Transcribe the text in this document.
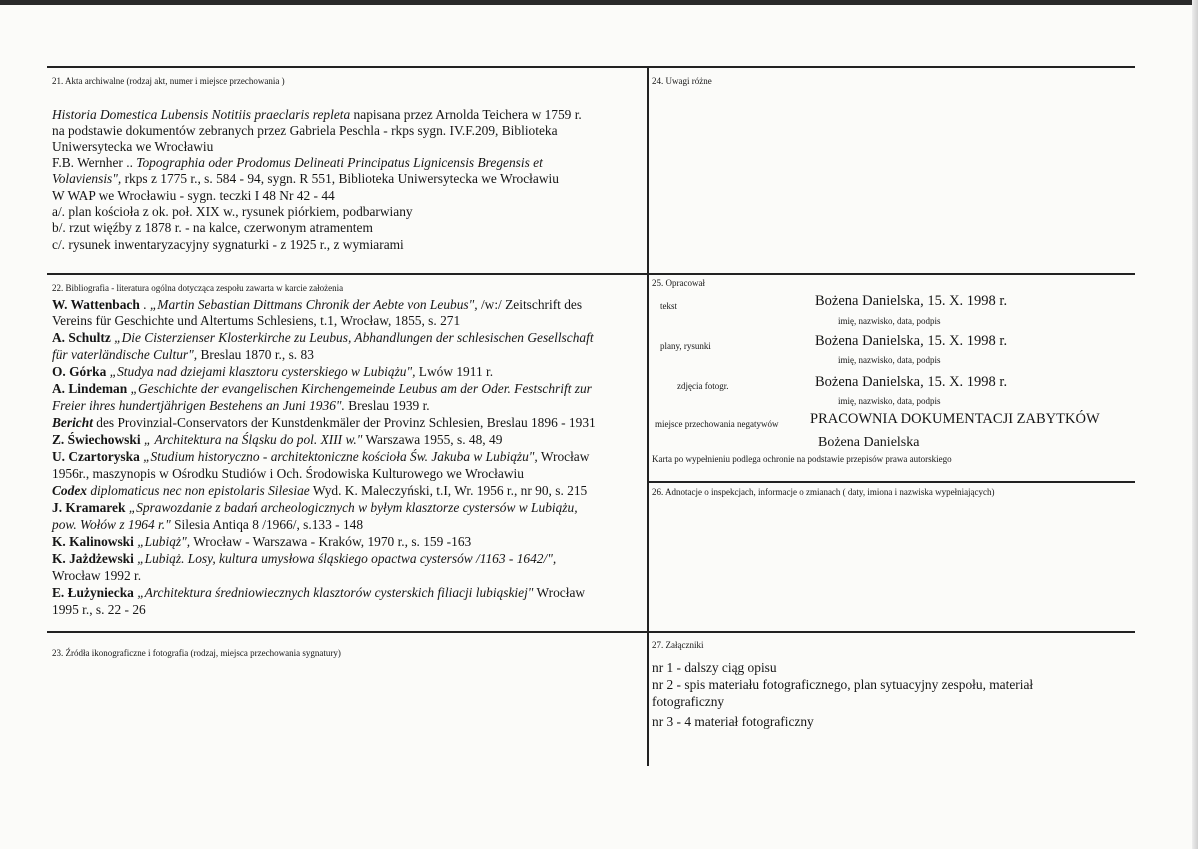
21. Akta archiwalne (rodzaj akt, numer i miejsce przechowania )
Historia Domestica Lubensis Notitiis praeclaris repleta napisana przez Arnolda Teichera w 1759 r.
na podstawie dokumentów zebranych przez Gabriela Peschla - rkps sygn. IV.F.209, Biblioteka
Uniwersytecka we Wrocławiu
F.B. Wernher .. Topographia oder Prodomus Delineati Principatus Lignicensis Bregensis et
Volaviensis", rkps z 1775 r., s. 584 - 94, sygn. R 551, Biblioteka Uniwersytecka we Wrocławiu
W WAP we Wrocławiu - sygn. teczki I 48 Nr 42 - 44
a/. plan kościoła z ok. poł. XIX w., rysunek piórkiem, podbarwiany
b/. rzut więźby z 1878 r. - na kalce, czerwonym atramentem
c/. rysunek inwentaryzacyjny sygnaturki - z 1925 r., z wymiarami
24. Uwagi różne
22. Bibliografia - literatura ogólna dotycząca zespołu zawarta w karcie założenia
W. Wattenbach . „Martin Sebastian Dittmans Chronik der Aebte von Leubus", /w:/ Zeitschrift des
Vereins für Geschichte und Altertums Schlesiens, t.1, Wrocław, 1855, s. 271
A. Schultz „Die Cisterzienser Klosterkirche zu Leubus, Abhandlungen der schlesischen Gesellschaft
für vaterländische Cultur", Breslau 1870 r., s. 83
O. Górka „Studya nad dziejami klasztoru cysterskiego w Lubiążu", Lwów 1911 r.
A. Lindeman „Geschichte der evangelischen Kirchengemeinde Leubus am der Oder. Festschrift zur
Freier ihres hundertjährigen Bestehens an Juni 1936". Breslau 1939 r.
Bericht des Provinzial-Conservators der Kunstdenkmäler der Provinz Schlesien, Breslau 1896 - 1931
Z. Świechowski „ Architektura na Śląsku do pol. XIII w." Warszawa 1955, s. 48, 49
U. Czartoryska „Studium historyczno - architektoniczne kościoła Św. Jakuba w Lubiążu", Wrocław
1956r., maszynopis w Ośrodku Studiów i Och. Środowiska Kulturowego we Wrocławiu
Codex diplomaticus nec non epistolaris Silesiae Wyd. K. Maleczyński, t.I, Wr. 1956 r., nr 90, s. 215
J. Kramarek „Sprawozdanie z badań archeologicznych w byłym klasztorze cystersów w Lubiążu,
pow. Wołów z 1964 r." Silesia Antiqa 8 /1966/, s.133 - 148
K. Kalinowski „Lubiąż", Wrocław - Warszawa - Kraków, 1970 r., s. 159 -163
K. Jażdżewski „Lubiąż. Losy, kultura umysłowa śląskiego opactwa cystersów /1163 - 1642/",
Wrocław 1992 r.
E. Łużyniecka „Architektura średniowiecznych klasztorów cysterskich filiacji lubiąskiej" Wrocław
1995 r., s. 22 - 26
25. Opracował
tekst	Bożena Danielska, 15. X. 1998 r.
imię, nazwisko, data, podpis
plany, rysunki	Bożena Danielska, 15. X. 1998 r.
imię, nazwisko, data, podpis
zdjęcia fotogr.	Bożena Danielska, 15. X. 1998 r.
imię, nazwisko, data, podpis
miejsce przechowania negatywów PRACOWNIA DOKUMENTACJI ZABYTKÓW
Bożena Danielska
Karta po wypełnieniu podlega ochronie na podstawie przepisów prawa autorskiego
26. Adnotacje o inspekcjach, informacje o zmianach ( daty, imiona i nazwiska wypełniających)
23. Źródła ikonograficzne i fotografia (rodzaj, miejsca przechowania sygnatury)
27. Załączniki
nr 1 - dalszy ciąg opisu
nr 2 - spis materiału fotograficznego, plan sytuacyjny zespołu, materiał
fotograficzny
nr 3 - 4 materiał fotograficzny
